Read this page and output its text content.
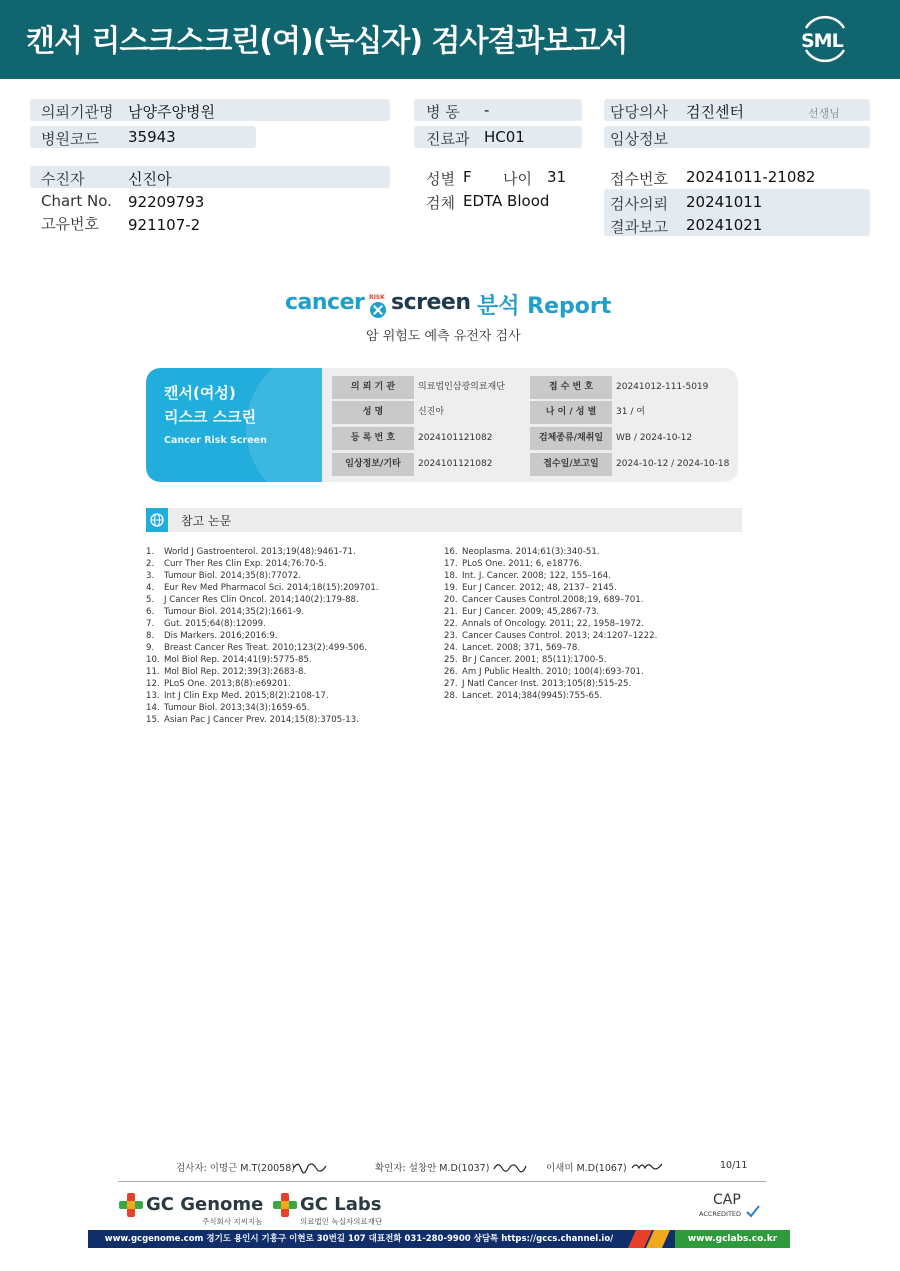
캔서 리스크스크린(여)(녹십자) 검사결과보고서	SML
의뢰기관명 남양주양병원
병원코드 35943
병 동 -
진료과 HC01
담당의사 검진센터	선생님
임상정보
수진자	신진아
Chart No. 92209793
고유번호 921107-2
성별 F 나이 31
검체 EDTA Blood
접수번호 20241011-21082
검사의뢰 20241011
결과보고 20241021
cancer RISK screen 분석 Report
암 위험도 예측 유전자 검사
캔서(여성)
리스크 스크린
Cancer Risk Screen
의 뢰 기 관	의료법인삼광의료재단	접 수 번 호	20241012-111-5019
성 명	신진아	나 이 / 성 별	31 / 여
등 록 번 호	2024101121082	검체종류/채취일	WB / 2024-10-12
임상정보/기타	2024101121082	접수일/보고일	2024-10-12 / 2024-10-18
참고 논문
1. World J Gastroenterol. 2013;19(48):9461-71.
2. Curr Ther Res Clin Exp. 2014;76:70-5.
3. Tumour Biol. 2014;35(8):77072.
4. Eur Rev Med Pharmacol Sci. 2014;18(15):209701.
5. J Cancer Res Clin Oncol. 2014;140(2):179-88.
6. Tumour Biol. 2014;35(2):1661-9.
7. Gut. 2015;64(8):12099.
8. Dis Markers. 2016;2016:9.
9. Breast Cancer Res Treat. 2010;123(2):499-506.
10. Mol Biol Rep. 2014;41(9):5775-85.
11. Mol Biol Rep. 2012;39(3):2683-8.
12. PLoS One. 2013;8(8):e69201.
13. Int J Clin Exp Med. 2015;8(2):2108-17.
14. Tumour Biol. 2013;34(3):1659-65.
15. Asian Pac J Cancer Prev. 2014;15(8):3705-13.
16. Neoplasma. 2014;61(3):340-51.
17. PLoS One. 2011; 6, e18776.
18. Int. J. Cancer. 2008; 122, 155–164.
19. Eur J Cancer. 2012; 48, 2137– 2145.
20. Cancer Causes Control.2008;19, 689–701.
21. Eur J Cancer. 2009; 45,2867-73.
22. Annals of Oncology. 2011; 22, 1958–1972.
23. Cancer Causes Control. 2013; 24:1207–1222.
24. Lancet. 2008; 371, 569–78.
25. Br J Cancer. 2001; 85(11):1700-5.
26. Am J Public Health. 2010; 100(4):693-701.
27. J Natl Cancer Inst. 2013;105(8):515-25.
28. Lancet. 2014;384(9945):755-65.
검사자: 이명근 M.T(20058)	확인자: 설창안 M.D(1037)	이새미 M.D(1067)	10/11
GC Genome
주식회사 지씨지놈
GC Labs
의료법인 녹십자의료재단
CAP
ACCREDITED
www.gcgenome.com 경기도 용인시 기흥구 이현로 30번길 107 대표전화 031-280-9900 상담톡 https://gccs.channel.io/	www.gclabs.co.kr
